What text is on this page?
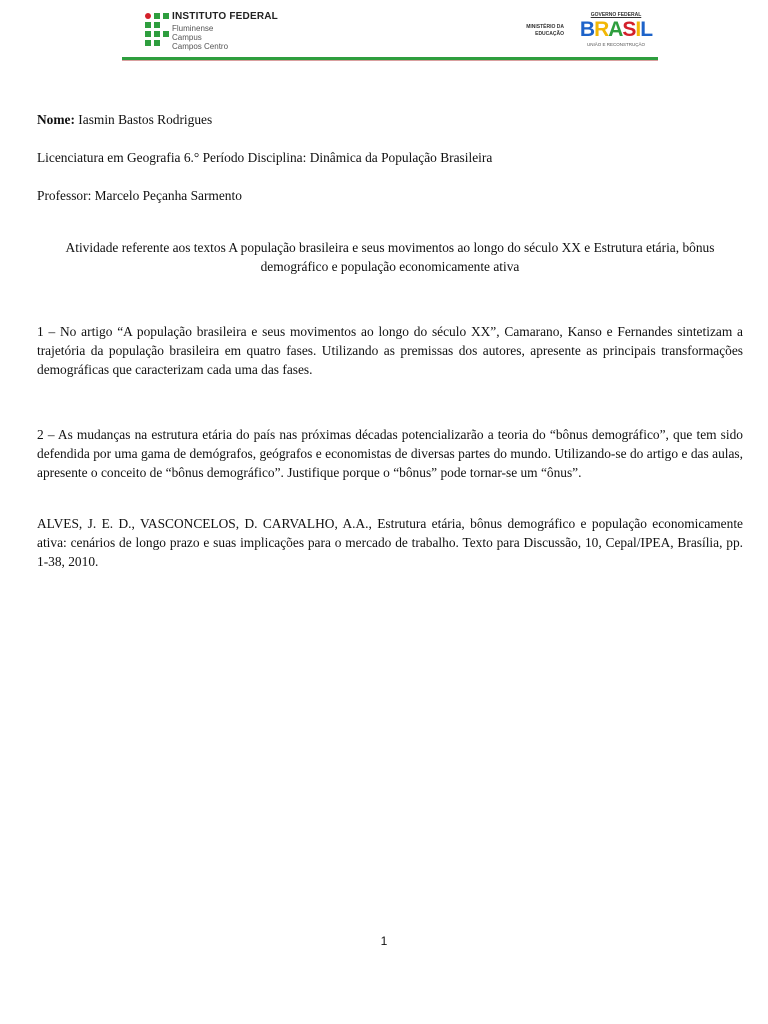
INSTITUTO FEDERAL
Fluminense
Campus
Campos Centro
MINISTÉRIO DA
EDUCAÇÃO
GOVERNO FEDERAL
B R A S I L
UNIÃO E RECONSTRUÇÃO
Nome: Iasmin Bastos Rodrigues
Licenciatura em Geografia 6.° Período Disciplina: Dinâmica da População Brasileira
Professor: Marcelo Peçanha Sarmento
Atividade referente aos textos A população brasileira e seus movimentos ao longo do século XX e Estrutura etária, bônus demográfico e população economicamente ativa
1 – No artigo “A população brasileira e seus movimentos ao longo do século XX”, Camarano, Kanso e Fernandes sintetizam a trajetória da população brasileira em quatro fases. Utilizando as premissas dos autores, apresente as principais transformações demográficas que caracterizam cada uma das fases.
2 – As mudanças na estrutura etária do país nas próximas décadas potencializarão a teoria do “bônus demográfico”, que tem sido defendida por uma gama de demógrafos, geógrafos e economistas de diversas partes do mundo. Utilizando-se do artigo e das aulas, apresente o conceito de “bônus demográfico”. Justifique porque o “bônus” pode tornar-se um “ônus”.
ALVES, J. E. D., VASCONCELOS, D. CARVALHO, A.A., Estrutura etária, bônus demográfico e população economicamente ativa: cenários de longo prazo e suas implicações para o mercado de trabalho. Texto para Discussão, 10, Cepal/IPEA, Brasília, pp. 1-38, 2010.
1
